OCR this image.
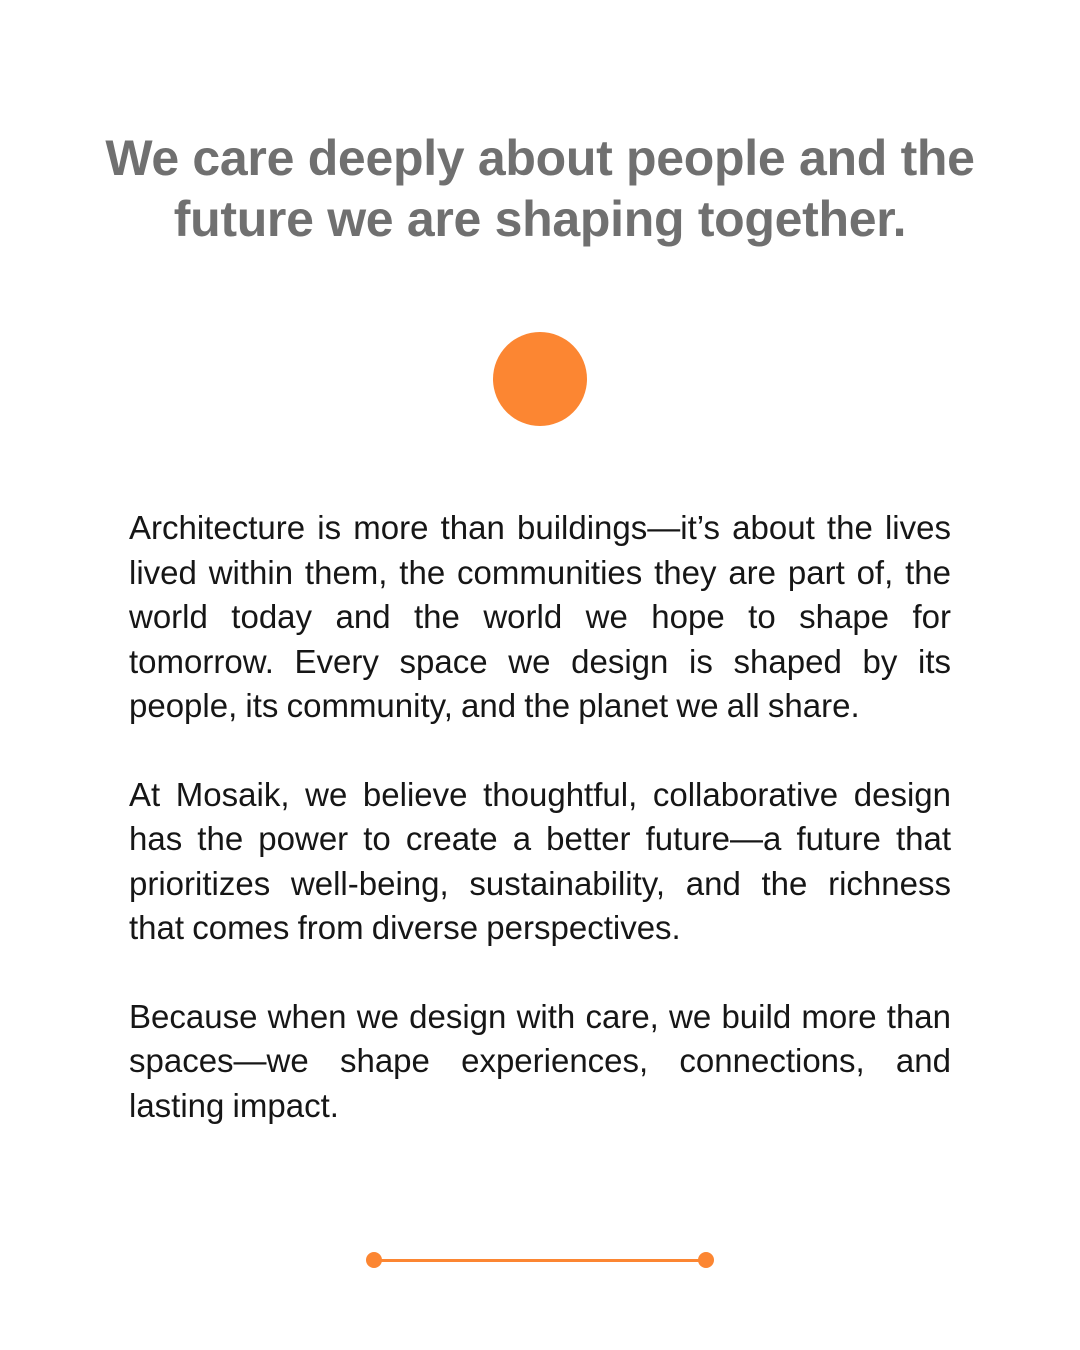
We care deeply about people and the future we are shaping together.

Architecture is more than buildings—it’s about the lives lived within them, the communities they are part of, the world today and the world we hope to shape for tomorrow. Every space we design is shaped by its people, its community, and the planet we all share.

At Mosaik, we believe thoughtful, collaborative design has the power to create a better future—a future that prioritizes well-being, sustainability, and the richness that comes from diverse perspectives.

Because when we design with care, we build more than spaces—we shape experiences, connections, and lasting impact.
